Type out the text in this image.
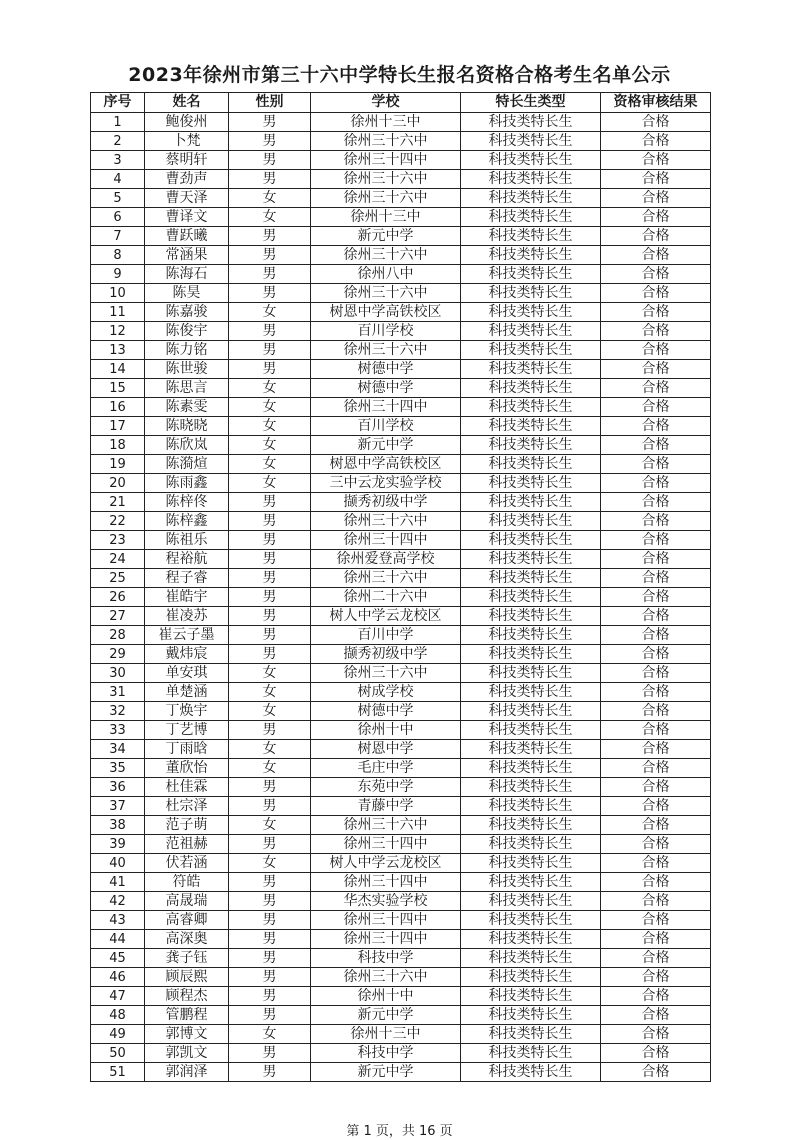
2023年徐州市第三十六中学特长生报名资格合格考生名单公示
序号	姓名	性别	学校	特长生类型	资格审核结果
1	鲍俊州	男	徐州十三中	科技类特长生	合格
2	卜梵	男	徐州三十六中	科技类特长生	合格
3	蔡明轩	男	徐州三十四中	科技类特长生	合格
4	曹劲声	男	徐州三十六中	科技类特长生	合格
5	曹天泽	女	徐州三十六中	科技类特长生	合格
6	曹译文	女	徐州十三中	科技类特长生	合格
7	曹跃曦	男	新元中学	科技类特长生	合格
8	常涵果	男	徐州三十六中	科技类特长生	合格
9	陈海石	男	徐州八中	科技类特长生	合格
10	陈昊	男	徐州三十六中	科技类特长生	合格
11	陈嘉骏	女	树恩中学高铁校区	科技类特长生	合格
12	陈俊宇	男	百川学校	科技类特长生	合格
13	陈力铭	男	徐州三十六中	科技类特长生	合格
14	陈世骏	男	树德中学	科技类特长生	合格
15	陈思言	女	树德中学	科技类特长生	合格
16	陈素雯	女	徐州三十四中	科技类特长生	合格
17	陈晓晓	女	百川学校	科技类特长生	合格
18	陈欣岚	女	新元中学	科技类特长生	合格
19	陈漪煊	女	树恩中学高铁校区	科技类特长生	合格
20	陈雨鑫	女	三中云龙实验学校	科技类特长生	合格
21	陈梓佟	男	撷秀初级中学	科技类特长生	合格
22	陈梓鑫	男	徐州三十六中	科技类特长生	合格
23	陈祖乐	男	徐州三十四中	科技类特长生	合格
24	程裕航	男	徐州爱登高学校	科技类特长生	合格
25	程子睿	男	徐州三十六中	科技类特长生	合格
26	崔皓宇	男	徐州二十六中	科技类特长生	合格
27	崔凌苏	男	树人中学云龙校区	科技类特长生	合格
28	崔云子墨	男	百川中学	科技类特长生	合格
29	戴炜宸	男	撷秀初级中学	科技类特长生	合格
30	单安琪	女	徐州三十六中	科技类特长生	合格
31	单楚涵	女	树成学校	科技类特长生	合格
32	丁焕宇	女	树德中学	科技类特长生	合格
33	丁艺博	男	徐州十中	科技类特长生	合格
34	丁雨晗	女	树恩中学	科技类特长生	合格
35	董欣怡	女	毛庄中学	科技类特长生	合格
36	杜佳霖	男	东苑中学	科技类特长生	合格
37	杜宗泽	男	青藤中学	科技类特长生	合格
38	范子萌	女	徐州三十六中	科技类特长生	合格
39	范祖赫	男	徐州三十四中	科技类特长生	合格
40	伏若涵	女	树人中学云龙校区	科技类特长生	合格
41	符皓	男	徐州三十四中	科技类特长生	合格
42	高晟瑞	男	华杰实验学校	科技类特长生	合格
43	高睿卿	男	徐州三十四中	科技类特长生	合格
44	高深奥	男	徐州三十四中	科技类特长生	合格
45	龚子钰	男	科技中学	科技类特长生	合格
46	顾辰熙	男	徐州三十六中	科技类特长生	合格
47	顾程杰	男	徐州十中	科技类特长生	合格
48	管鹏程	男	新元中学	科技类特长生	合格
49	郭博文	女	徐州十三中	科技类特长生	合格
50	郭凯文	男	科技中学	科技类特长生	合格
51	郭润泽	男	新元中学	科技类特长生	合格
第 1 页，共 16 页
